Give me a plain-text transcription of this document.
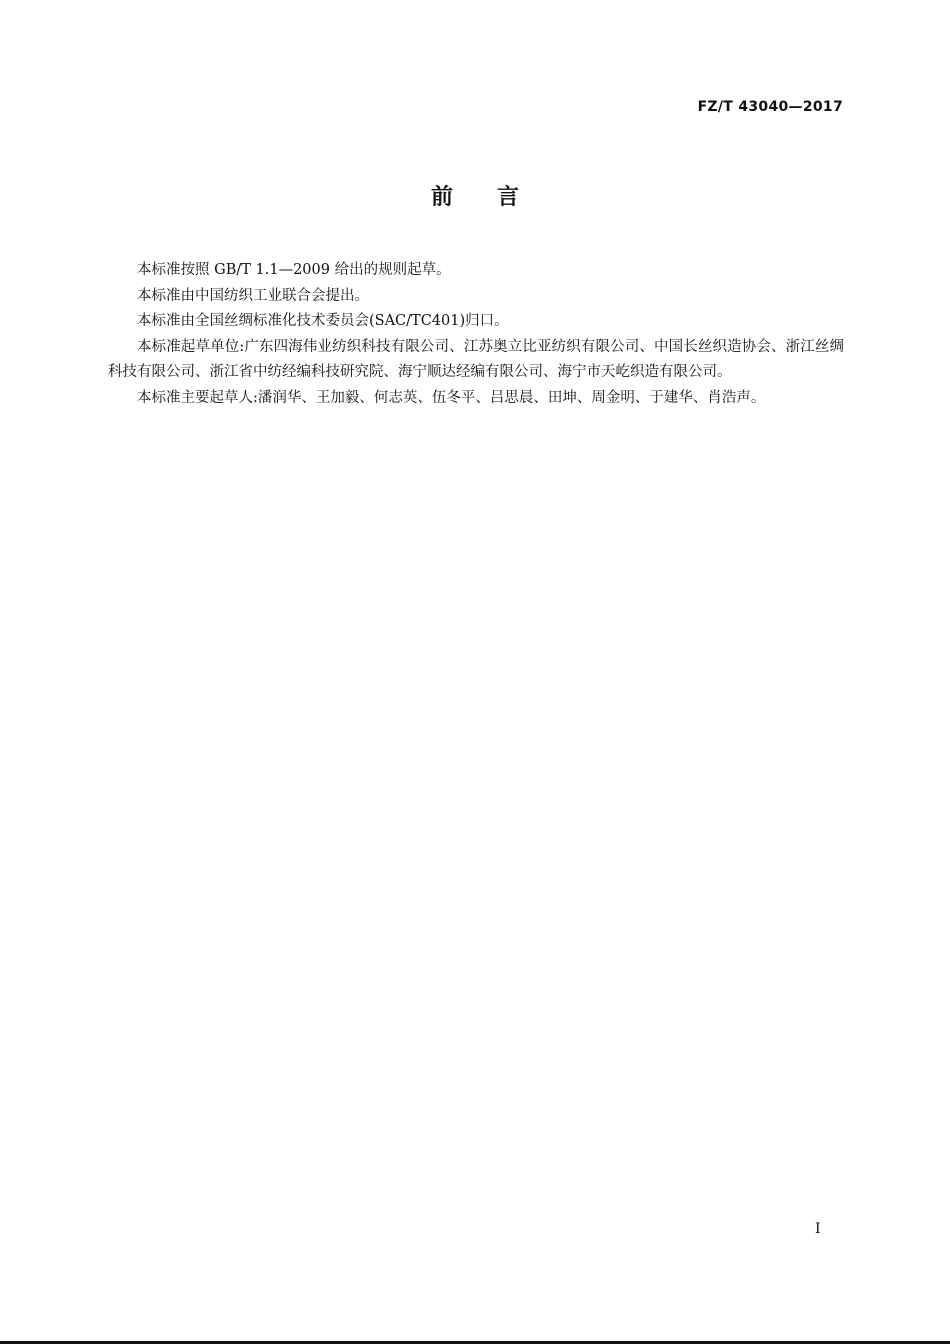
FZ/T 43040—2017
前　　言

本标准按照 GB/T 1.1—2009 给出的规则起草。

本标准由中国纺织工业联合会提出。

本标准由全国丝绸标准化技术委员会(SAC/TC401)归口。

本标准起草单位:广东四海伟业纺织科技有限公司、江苏奥立比亚纺织有限公司、中国长丝织造协会、浙江丝绸科技有限公司、浙江省中纺经编科技研究院、海宁顺达经编有限公司、海宁市天屹织造有限公司。

本标准主要起草人:潘润华、王加毅、何志英、伍冬平、吕思晨、田坤、周金明、于建华、肖浩声。

I
